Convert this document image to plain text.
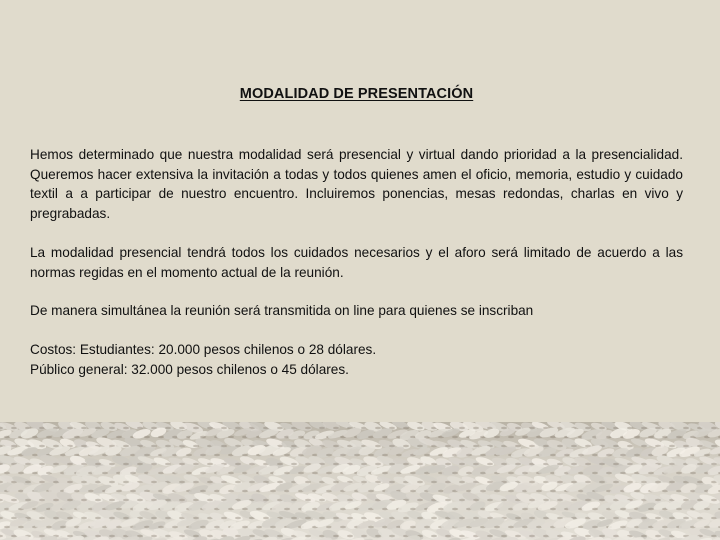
MODALIDAD DE PRESENTACIÓN

Hemos determinado que nuestra modalidad será presencial y virtual dando prioridad a la presencialidad. Queremos hacer extensiva la invitación a todas y todos quienes amen el oficio, memoria, estudio y cuidado textil a a participar de nuestro encuentro. Incluiremos ponencias, mesas redondas, charlas en vivo y pregrabadas.

La modalidad presencial tendrá todos los cuidados necesarios y el aforo será limitado de acuerdo a las normas regidas en el momento actual de la reunión.

De manera simultánea la reunión será transmitida on line para quienes se inscriban

Costos: Estudiantes: 20.000 pesos chilenos o 28 dólares.
Público general: 32.000 pesos chilenos o 45 dólares.
